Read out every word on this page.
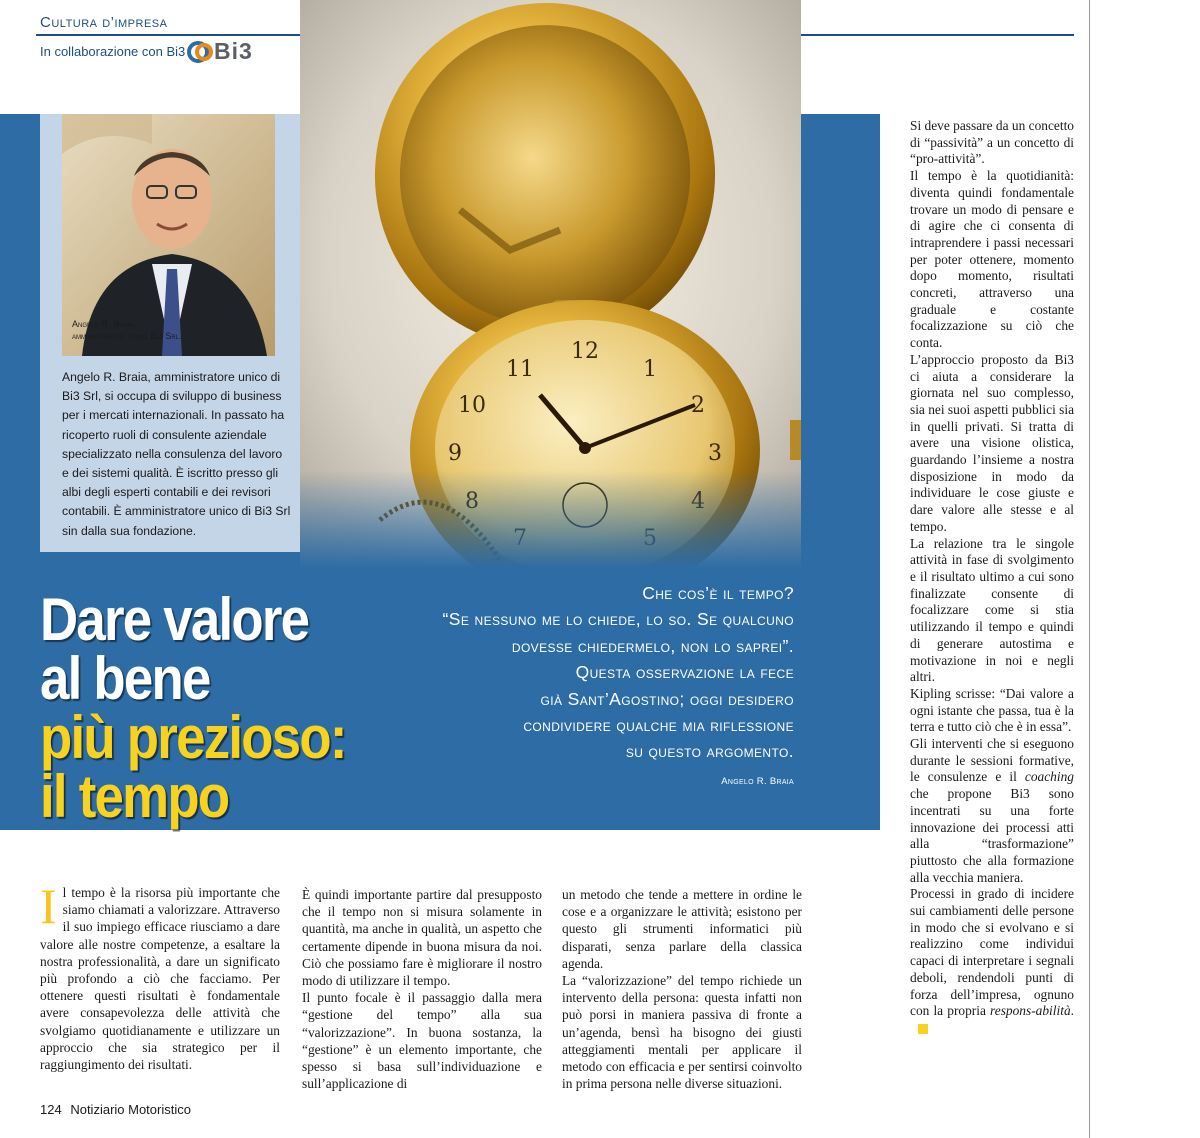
Cultura d’impresa
In collaborazione con Bi3 Bi3
12
1
2
3
9
10
11
Angelo R. Braia,
amministratore unico Bi3 Srl.
Angelo R. Braia, amministratore unico di Bi3 Srl, si occupa di sviluppo di business per i mercati internazionali. In passato ha ricoperto ruoli di consulente aziendale specializzato nella consulenza del lavoro e dei sistemi qualità. È iscritto presso gli albi degli esperti contabili e dei revisori contabili. È amministratore unico di Bi3 Srl sin dalla sua fondazione.
Dare valore
al bene
più prezioso:
il tempo
Che cos’è il tempo?
“Se nessuno me lo chiede, lo so. Se qualcuno
dovesse chiedermelo, non lo saprei”.
Questa osservazione la fece
già Sant’Agostino; oggi desidero
condividere qualche mia riflessione
su questo argomento.
Angelo R. Braia

Si deve passare da un concetto di “passività” a un concetto di “pro-attività”.

Il tempo è la quotidianità: diventa quindi fondamentale trovare un modo di pensare e di agire che ci consenta di intraprendere i passi necessari per poter ottenere, momento dopo momento, risultati concreti, attraverso una graduale e costante focalizzazione su ciò che conta.

L’approccio proposto da Bi3 ci aiuta a considerare la giornata nel suo complesso, sia nei suoi aspetti pubblici sia in quelli privati. Si tratta di avere una visione olistica, guardando l’insieme a nostra disposizione in modo da individuare le cose giuste e dare valore alle stesse e al tempo.

La relazione tra le singole attività in fase di svolgimento e il risultato ultimo a cui sono finalizzate consente di focalizzare come si stia utilizzando il tempo e quindi di generare autostima e motivazione in noi e negli altri.

Kipling scrisse: “Dai valore a ogni istante che passa, tua è la terra e tutto ciò che è in essa”.

Gli interventi che si eseguono durante le sessioni formative, le consulenze e il coaching che propone Bi3 sono incentrati su una forte innovazione dei processi atti alla “trasformazione” piuttosto che alla formazione alla vecchia maniera.

Processi in grado di incidere sui cambiamenti delle persone in modo che si evolvano e si realizzino come individui capaci di interpretare i segnali deboli, rendendoli punti di forza dell’impresa, ognuno con la propria respons-abilità.

Il tempo è la risorsa più importante che siamo chiamati a valorizzare. Attraverso il suo impiego efficace riusciamo a dare valore alle nostre competenze, a esaltare la nostra professionalità, a dare un significato più profondo a ciò che facciamo. Per ottenere questi risultati è fondamentale avere consapevolezza delle attività che svolgiamo quotidianamente e utilizzare un approccio che sia strategico per il raggiungimento dei risultati.

È quindi importante partire dal presupposto che il tempo non si misura solamente in quantità, ma anche in qualità, un aspetto che certamente dipende in buona misura da noi. Ciò che possiamo fare è migliorare il nostro modo di utilizzare il tempo.

Il punto focale è il passaggio dalla mera “gestione del tempo” alla sua “valorizzazione”. In buona sostanza, la “gestione” è un elemento importante, che spesso si basa sull’individuazione e sull’applicazione di

un metodo che tende a mettere in ordine le cose e a organizzare le attività; esistono per questo gli strumenti informatici più disparati, senza parlare della classica agenda.

La “valorizzazione” del tempo richiede un intervento della persona: questa infatti non può porsi in maniera passiva di fronte a un’agenda, bensì ha bisogno dei giusti atteggiamenti mentali per applicare il metodo con efficacia e per sentirsi coinvolto in prima persona nelle diverse situazioni.

124 Notiziario Motoristico
